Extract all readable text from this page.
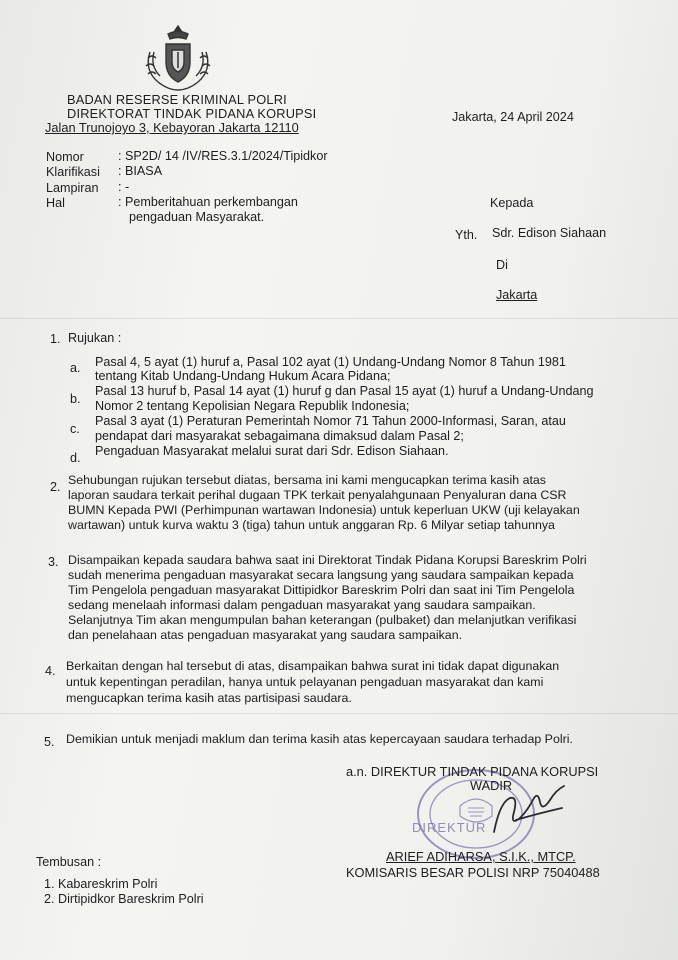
BADAN RESERSE KRIMINAL POLRI
DIREKTORAT TINDAK PIDANA KORUPSI
Jalan Trunojoyo 3, Kebayoran Jakarta 12110
Jakarta, 24 April 2024
Nomor	: SP2D/ 14 /IV/RES.3.1/2024/Tipidkor
Klarifikasi : BIASA
Lampiran : -
Hal	: Pemberitahuan perkembangan
pengaduan Masyarakat.
Kepada
Yth. Sdr. Edison Siahaan
Di
Jakarta
1. Rujukan :
a. Pasal 4, 5 ayat (1) huruf a, Pasal 102 ayat (1) Undang-Undang Nomor 8 Tahun 1981
tentang Kitab Undang-Undang Hukum Acara Pidana;
b.
Pasal 13 huruf b, Pasal 14 ayat (1) huruf g dan Pasal 15 ayat (1) huruf a Undang-Undang
Nomor 2 tentang Kepolisian Negara Republik Indonesia;
c.
Pasal 3 ayat (1) Peraturan Pemerintah Nomor 71 Tahun 2000-Informasi, Saran, atau
pendapat dari masyarakat sebagaimana dimaksud dalam Pasal 2;
d. Pengaduan Masyarakat melalui surat dari Sdr. Edison Siahaan.
2. Sehubungan rujukan tersebut diatas, bersama ini kami mengucapkan terima kasih atas
laporan saudara terkait perihal dugaan TPK terkait penyalahgunaan Penyaluran dana CSR
BUMN Kepada PWI (Perhimpunan wartawan Indonesia) untuk keperluan UKW (uji kelayakan
wartawan) untuk kurva waktu 3 (tiga) tahun untuk anggaran Rp. 6 Milyar setiap tahunnya
3. Disampaikan kepada saudara bahwa saat ini Direktorat Tindak Pidana Korupsi Bareskrim Polri
sudah menerima pengaduan masyarakat secara langsung yang saudara sampaikan kepada
Tim Pengelola pengaduan masyarakat Dittipidkor Bareskrim Polri dan saat ini Tim Pengelola
sedang menelaah informasi dalam pengaduan masyarakat yang saudara sampaikan.
Selanjutnya Tim akan mengumpulan bahan keterangan (pulbaket) dan melanjutkan verifikasi
dan penelahaan atas pengaduan masyarakat yang saudara sampaikan.
4. Berkaitan dengan hal tersebut di atas, disampaikan bahwa surat ini tidak dapat digunakan
untuk kepentingan peradilan, hanya untuk pelayanan pengaduan masyarakat dan kami
mengucapkan terima kasih atas partisipasi saudara.
5. Demikian untuk menjadi maklum dan terima kasih atas kepercayaan saudara terhadap Polri.
DIREKTUR
a.n. DIREKTUR TINDAK PIDANA KORUPSI
WADIR
ARIEF ADIHARSA, S.I.K., MTCP.
KOMISARIS BESAR POLISI NRP 75040488
Tembusan :
1. Kabareskrim Polri
2. Dirtipidkor Bareskrim Polri
